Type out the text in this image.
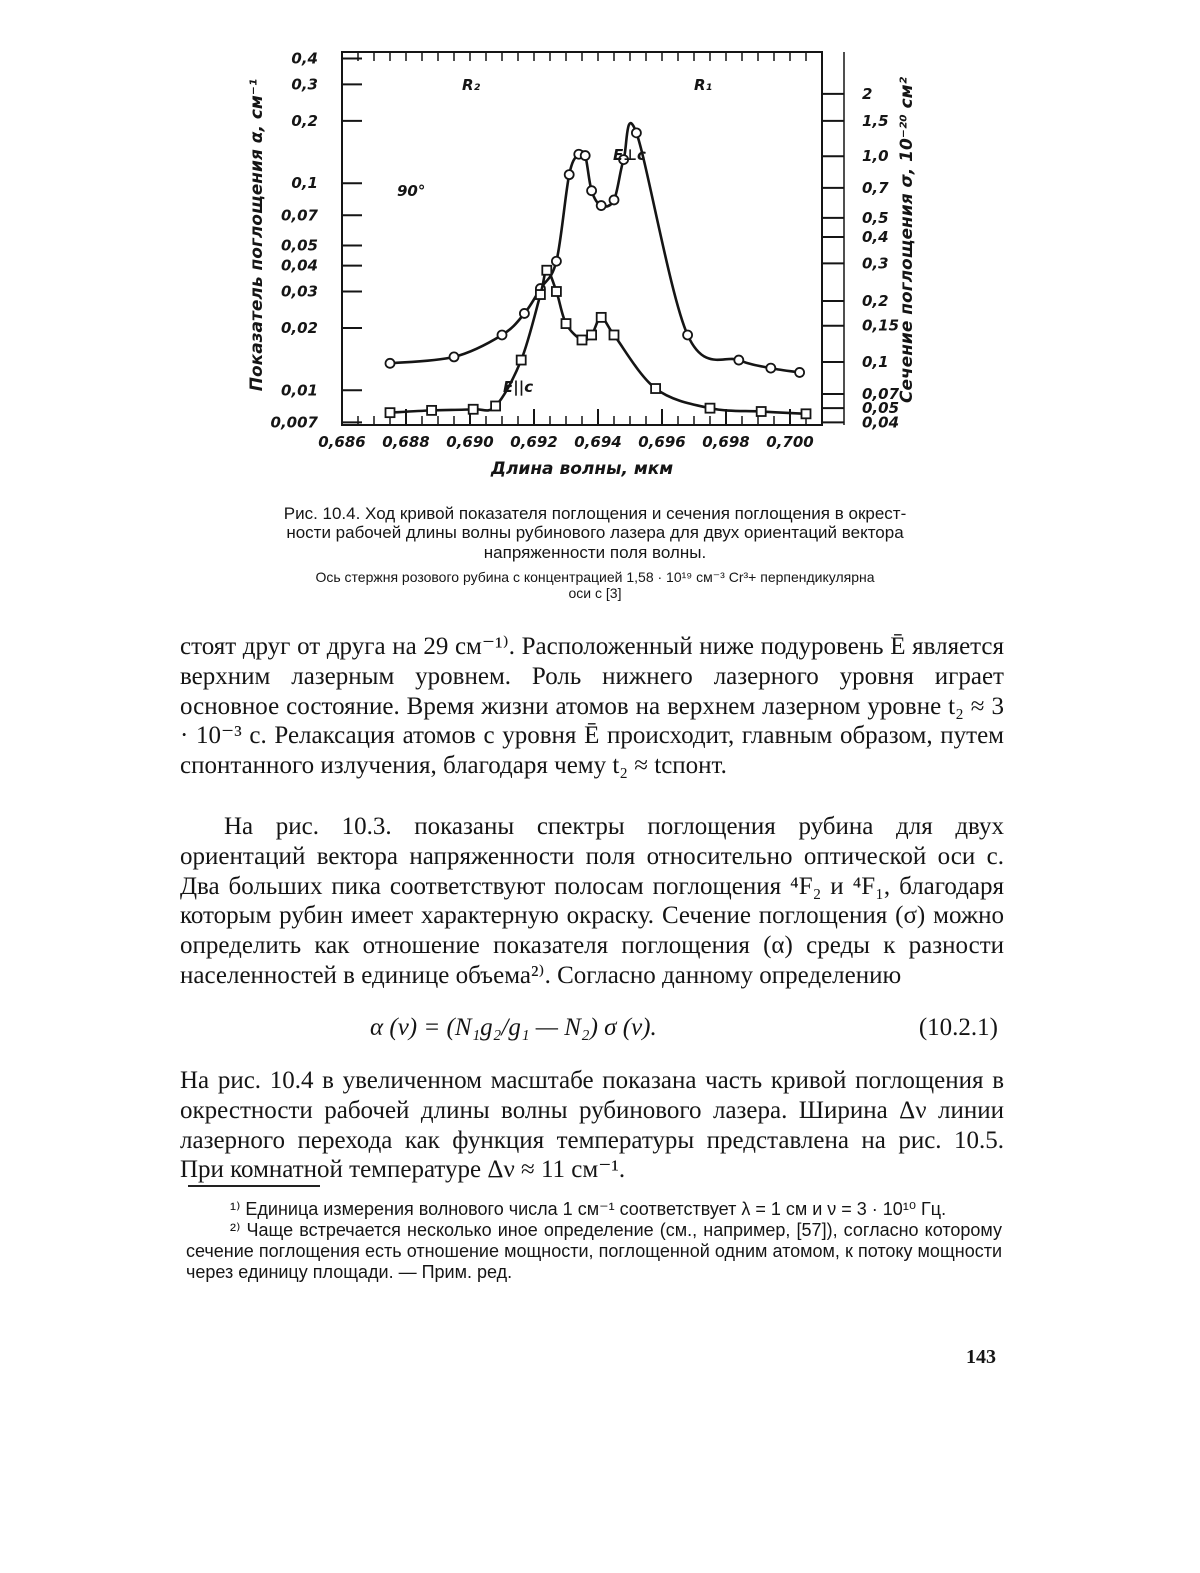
0,686 0,688 0,690 0,692 0,694 0,696 0,698 0,700
0,4
0,3
0,2
0,1
0,07
0,05
0,04
0,03
0,02
0,01
0,007
2
1,5
1,0
0,7
0,5
0,4
0,3
0,2
0,15
0,1
0,07
0,05
0,04
Длина волны, мкм
Показатель поглощения α, см⁻¹	Сечение поглощения σ, 10⁻²⁰ см²
R₂	R₁
E⊥c
E||c
90°
Рис. 10.4. Ход кривой показателя поглощения и сечения поглощения в окрест-
ности рабочей длины волны рубинового лазера для двух ориентаций вектора
напряженности поля волны.
Ось стержня розового рубина с концентрацией 1,58 · 10¹⁹ см⁻³ Cr³+ перпендикулярна
оси c [3]

стоят друг от друга на 29 см⁻¹⁾. Расположенный ниже подуровень Ē является верхним лазерным уровнем. Роль нижнего лазерного уровня играет основное состояние. Время жизни атомов на верхнем лазерном уровне t₂ ≈ 3 · 10⁻³ с. Релаксация атомов с уровня Ē происходит, главным образом, путем спонтанного излучения, благодаря чему t₂ ≈ tспонт.

На рис. 10.3. показаны спектры поглощения рубина для двух ориентаций вектора напряженности поля относительно оптической оси c. Два больших пика соответствуют полосам поглощения ⁴F₂ и ⁴F₁, благодаря которым рубин имеет характерную окраску. Сечение поглощения (σ) можно определить как отношение показателя поглощения (α) среды к разности населенностей в единице объема²⁾. Согласно данному определению

α (ν) = (N₁g₂/g₁ — N₂) σ (ν).	(10.2.1)

На рис. 10.4 в увеличенном масштабе показана часть кривой поглощения в окрестности рабочей длины волны рубинового лазера. Ширина Δν линии лазерного перехода как функция температуры представлена на рис. 10.5. При комнатной температуре Δν ≈ 11 см⁻¹.

¹⁾ Единица измерения волнового числа 1 см⁻¹ соответствует λ = 1 см и ν = 3 · 10¹⁰ Гц.

²⁾ Чаще встречается несколько иное определение (см., например, [57]), согласно которому сечение поглощения есть отношение мощности, поглощенной одним атомом, к потоку мощности через единицу площади. — Прим. ред.

143
